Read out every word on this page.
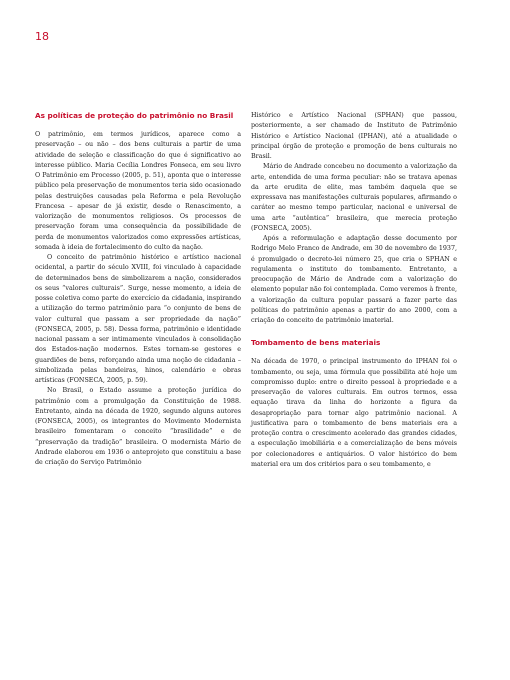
18
As políticas de proteção do patrimônio no Brasil

O patrimônio, em termos jurídicos, aparece como a preservação – ou não – dos bens culturais a partir de uma atividade de seleção e classificação do que é significativo ao interesse público. Maria Cecília Londres Fonseca, em seu livro O Patrimônio em Processo (2005, p. 51), aponta que o interesse público pela preservação de monumentos teria sido ocasionado pelas destruições causadas pela Reforma e pela Revolução Francesa – apesar de já existir, desde o Renascimento, a valorização de monumentos religiosos. Os processos de preservação foram uma consequência da possibilidade de perda de monumentos valorizados como expressões artísticas, somada à ideia de fortalecimento do culto da nação.

O conceito de patrimônio histórico e artístico nacional ocidental, a partir do século XVIII, foi vinculado à capacidade de determinados bens de simbolizarem a nação, considerados os seus “valores culturais”. Surge, nesse momento, a ideia de posse coletiva como parte do exercício da cidadania, inspirando a utilização do termo patrimônio para “o conjunto de bens de valor cultural que passam a ser propriedade da nação” (FONSECA, 2005, p. 58). Dessa forma, patrimônio e identidade nacional passam a ser intimamente vinculados à consolidação dos Estados-nação modernos. Estes tornam-se gestores e guardiões de bens, reforçando ainda uma noção de cidadania – simbolizada pelas bandeiras, hinos, calendário e obras artísticas (FONSECA, 2005, p. 59).

No Brasil, o Estado assume a proteção jurídica do patrimônio com a promulgação da Constituição de 1988. Entretanto, ainda na década de 1920, segundo alguns autores (FONSECA, 2005), os integrantes do Movimento Modernista brasileiro fomentaram o conceito “brasilidade” e de “preservação da tradição” brasileira. O modernista Mário de Andrade elaborou em 1936 o anteprojeto que constituiu a base de criação do Serviço Patrimônio

Histórico e Artístico Nacional (SPHAN) que passou, posteriormente, a ser chamado de Instituto de Patrimônio Histórico e Artístico Nacional (IPHAN), até a atualidade o principal órgão de proteção e promoção de bens culturais no Brasil.

Mário de Andrade concebeu no documento a valorização da arte, entendida de uma forma peculiar: não se tratava apenas da arte erudita de elite, mas também daquela que se expressava nas manifestações culturais populares, afirmando o caráter ao mesmo tempo particular, nacional e universal de uma arte “autêntica” brasileira, que merecia proteção (FONSECA, 2005).

Após a reformulação e adaptação desse documento por Rodrigo Melo Franco de Andrade, em 30 de novembro de 1937, é promulgado o decreto-lei número 25, que cria o SPHAN e regulamenta o instituto do tombamento. Entretanto, a preocupação de Mário de Andrade com a valorização do elemento popular não foi contemplada. Como veremos à frente, a valorização da cultura popular passará a fazer parte das políticas do patrimônio apenas a partir do ano 2000, com a criação do conceito de patrimônio imaterial.

Tombamento de bens materiais

Na década de 1970, o principal instrumento do IPHAN foi o tombamento, ou seja, uma fórmula que possibilita até hoje um compromisso duplo: entre o direito pessoal à propriedade e a preservação de valores culturais. Em outros termos, essa equação tirava da linha do horizonte a figura da desapropriação para tornar algo patrimônio nacional. A justificativa para o tombamento de bens materiais era a proteção contra o crescimento acelerado das grandes cidades, a especulação imobiliária e a comercialização de bens móveis por colecionadores e antiquários. O valor histórico do bem material era um dos critérios para o seu tombamento, e
